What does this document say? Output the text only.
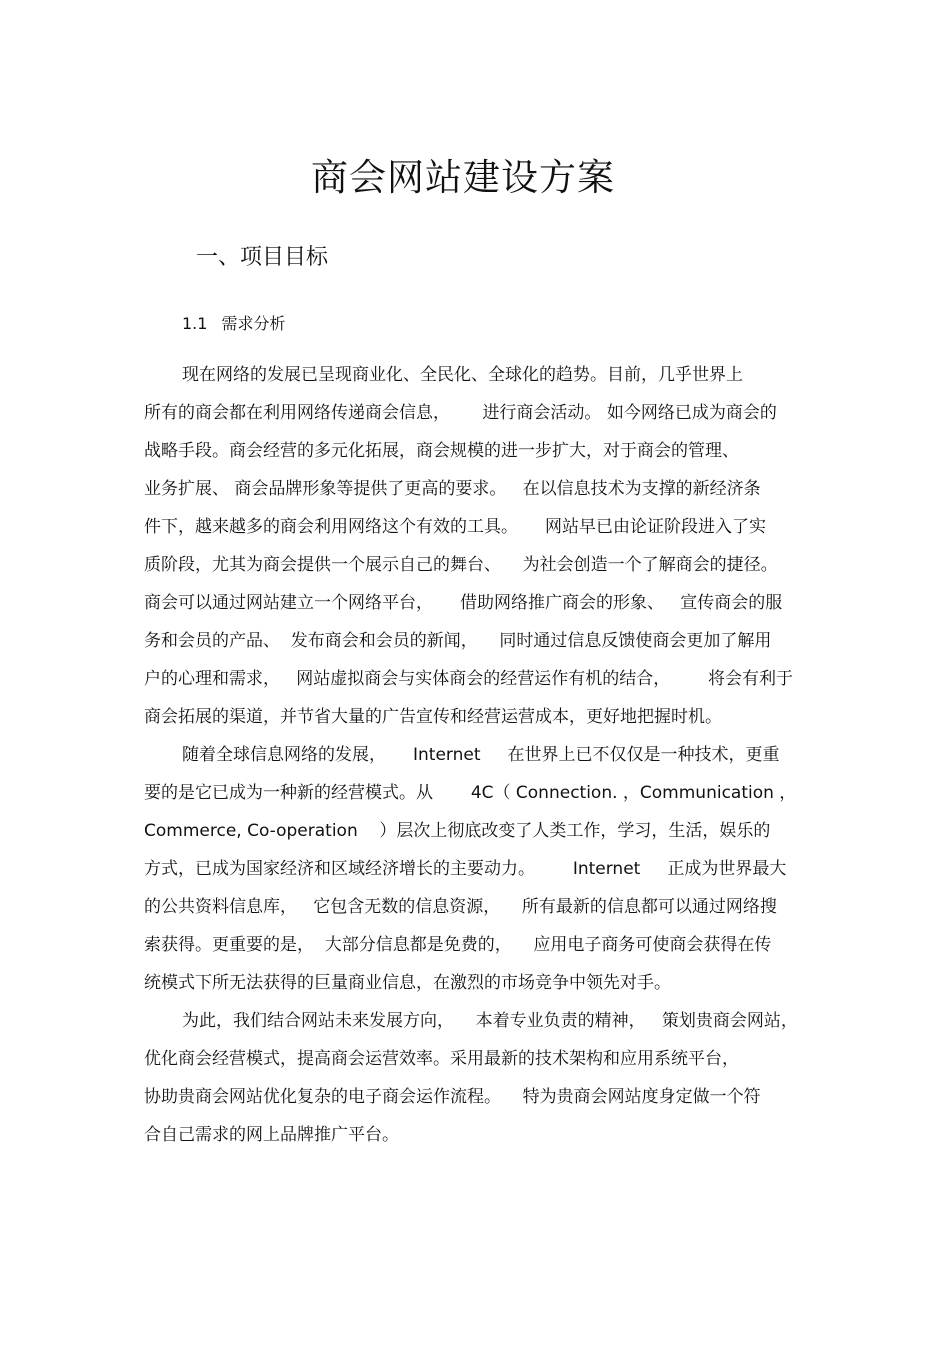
商会网站建设方案
一、项目目标
1.1 需求分析
现在网络的发展已呈现商业化、全民化、全球化的趋势。目前，几乎世界上
所有的商会都在利用网络传递商会信息，      进行商会活动。 如今网络已成为商会的
战略手段。商会经营的多元化拓展，商会规模的进一步扩大，对于商会的管理、
业务扩展、 商会品牌形象等提供了更高的要求。   在以信息技术为支撑的新经济条
件下，越来越多的商会利用网络这个有效的工具。     网站早已由论证阶段进入了实
质阶段，尤其为商会提供一个展示自己的舞台、    为社会创造一个了解商会的捷径。
商会可以通过网站建立一个网络平台，     借助网络推广商会的形象、   宣传商会的服
务和会员的产品、  发布商会和会员的新闻，    同时通过信息反馈使商会更加了解用
户的心理和需求，   网站虚拟商会与实体商会的经营运作有机的结合，       将会有利于
商会拓展的渠道，并节省大量的广告宣传和经营运营成本，更好地把握时机。
随着全球信息网络的发展，     Internet     在世界上已不仅仅是一种技术，更重
要的是它已成为一种新的经营模式。从       4C（ Connection. ，Communication ，
Commerce, Co-operation    ）层次上彻底改变了人类工作，学习，生活，娱乐的
方式，已成为国家经济和区域经济增长的主要动力。       Internet     正成为世界最大
的公共资料信息库，   它包含无数的信息资源，    所有最新的信息都可以通过网络搜
索获得。更重要的是，  大部分信息都是免费的，    应用电子商务可使商会获得在传
统模式下所无法获得的巨量商业信息，在激烈的市场竞争中领先对手。
为此，我们结合网站未来发展方向，    本着专业负责的精神，   策划贵商会网站，
优化商会经营模式，提高商会运营效率。采用最新的技术架构和应用系统平台，
协助贵商会网站优化复杂的电子商会运作流程。    特为贵商会网站度身定做一个符
合自己需求的网上品牌推广平台。
